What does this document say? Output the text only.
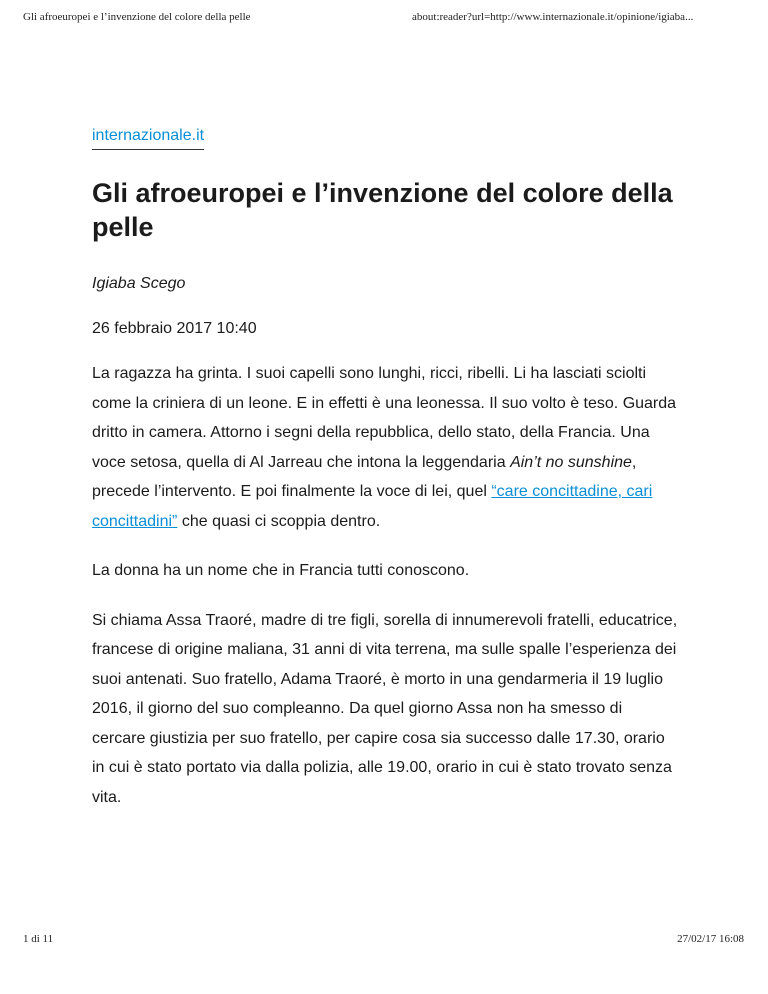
Gli afroeuropei e l’invenzione del colore della pelle	about:reader?url=http://www.internazionale.it/opinione/igiaba...
internazionale.it
Gli afroeuropei e l’invenzione del colore della pelle
Igiaba Scego
26 febbraio 2017 10:40

La ragazza ha grinta. I suoi capelli sono lunghi, ricci, ribelli. Li ha lasciati sciolti come la criniera di un leone. E in effetti è una leonessa. Il suo volto è teso. Guarda dritto in camera. Attorno i segni della repubblica, dello stato, della Francia. Una voce setosa, quella di Al Jarreau che intona la leggendaria Ain’t no sunshine, precede l’intervento. E poi finalmente la voce di lei, quel “care concittadine, cari concittadini” che quasi ci scoppia dentro.

La donna ha un nome che in Francia tutti conoscono.

Si chiama Assa Traoré, madre di tre figli, sorella di innumerevoli fratelli, educatrice, francese di origine maliana, 31 anni di vita terrena, ma sulle spalle l’esperienza dei suoi antenati. Suo fratello, Adama Traoré, è morto in una gendarmeria il 19 luglio 2016, il giorno del suo compleanno. Da quel giorno Assa non ha smesso di cercare giustizia per suo fratello, per capire cosa sia successo dalle 17.30, orario in cui è stato portato via dalla polizia, alle 19.00, orario in cui è stato trovato senza vita.

1 di 11	27/02/17 16:08
